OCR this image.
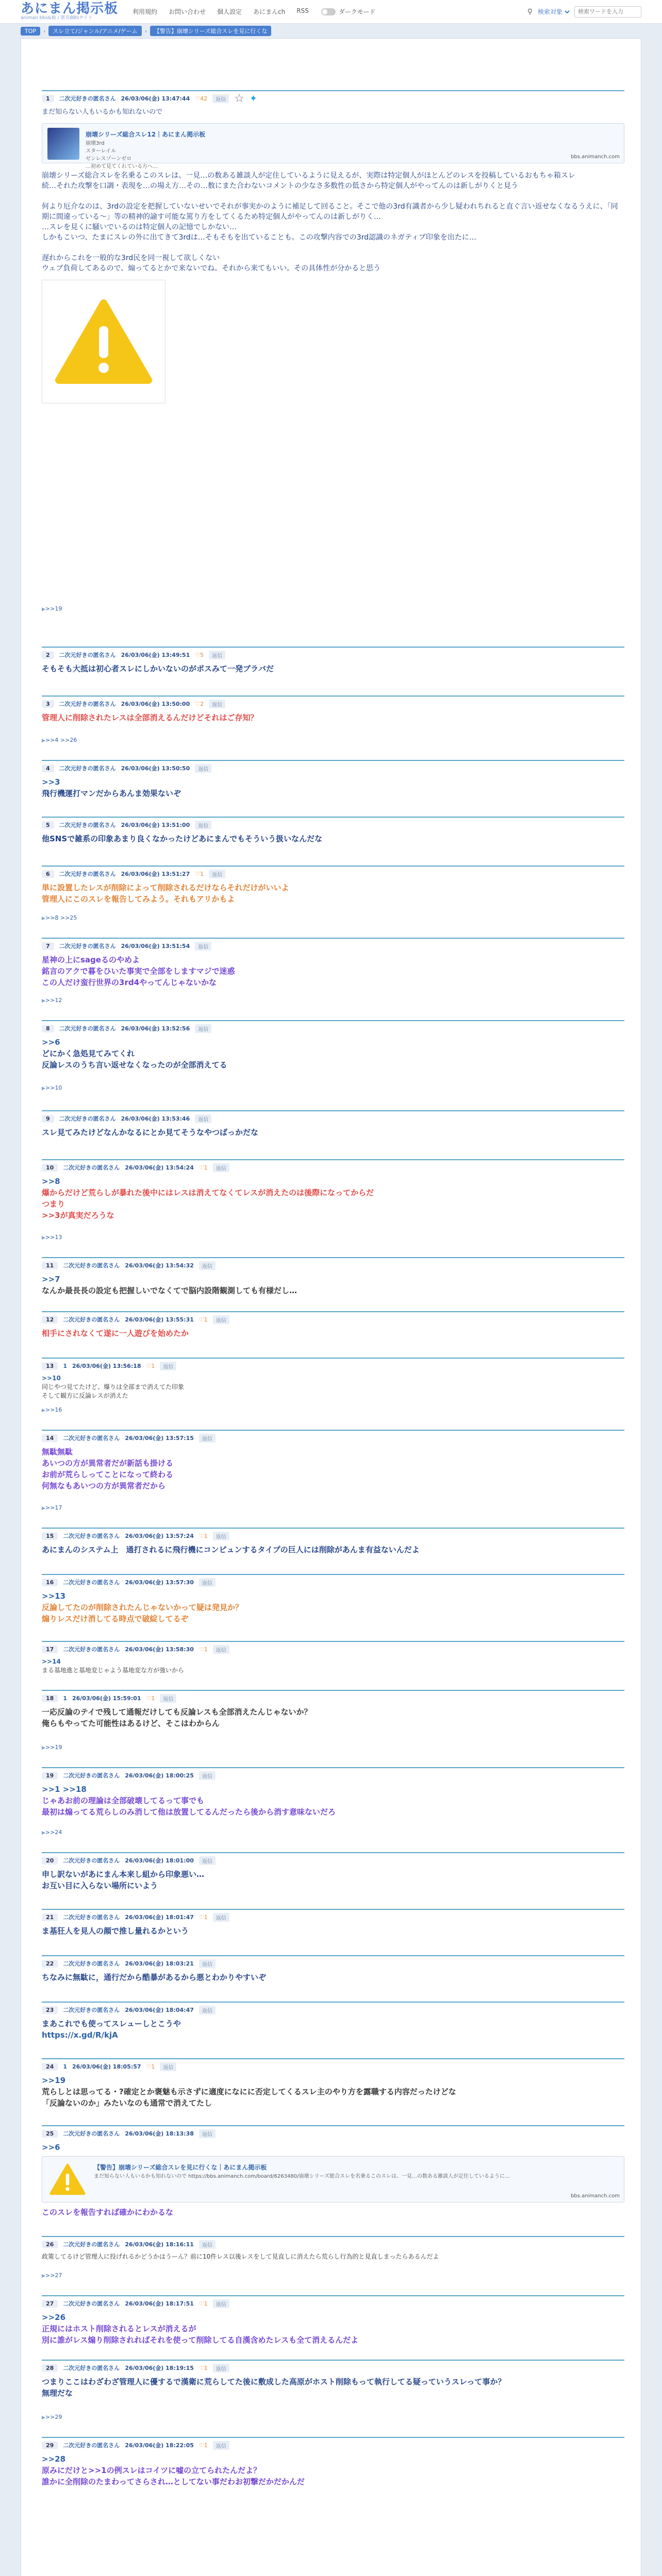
あにまん掲示板
animan bbs&板 / 匿名BBSサイト
利用規約 お問い合わせ 個人設定 あにまんch RSS	ダークモード	⚲
検索対象
検索ワードを入力
TOP	›	スレ立て/ジャンル/アニメ/ゲーム	›	【警告】崩壊シリーズ総合スレを見に行くな
1	二次元好きの匿名さん 26/03/06(金) 13:47:44	♡ 42	返信 ☆ ✦
まだ知らない人もいるかも知れないので
崩壊シリーズ総合スレ12｜あにまん掲示板
崩壊3rd
スターレイル
ゼンレスゾーンゼロ
…初めて見てくれている方へ…
bbs.animanch.com
崩壊シリーズ総合スレを名乗るこのスレは、一見…の数ある雑談人が定住しているように見えるが、実際は特定個人がほとんどのレスを投稿しているおもちゃ箱スレ
続…それた攻撃を口調・表現を…の場え方…その…数にまた合わないコメントの少なさ多数性の低さから特定個人がやってんのは新しがりくと見う

何より厄介なのは、3rdの設定を把握していないせいでそれが事実かのように補足して回ること。そこで他の3rd有識者から少し疑われちれると直ぐ言い返せなくなるうえに、「同期に間違っている～」等の精神的諭す可能な罵り方をしてくるため特定個人がやってんのは新しがりく…
…スレを見くに騒いでいるのは特定個人の記憶でしかない…
しかもこいつ、たまにスレの外に出てきて3rdは…そもそもを出ていることも。この攻撃内容での3rd認識のネガティブ印象を出たに…

遅れからこれを一般的な3rd民を同一視して欲しくない
ウェブ負荷してあるので、煽ってるとかで来ないでね。それから来てもいい。その具体性が分かると思う
▶ >>19
2	二次元好きの匿名さん 26/03/06(金) 13:49:51	♡ 5	返信
そもそも大抵は初心者スレにしかいないのがポスみて一発ブラバだ
3	二次元好きの匿名さん 26/03/06(金) 13:50:00	♡ 2	返信
管理人に削除されたレスは全部消えるんだけどそれはご存知？
▶ >>4 >>26
4	二次元好きの匿名さん 26/03/06(金) 13:50:50	返信
>>3
飛行機運打マンだからあんま効果ないぞ
5	二次元好きの匿名さん 26/03/06(金) 13:51:00	返信
他SNSで雑系の印象あまり良くなかったけどあにまんでもそういう扱いなんだな
6	二次元好きの匿名さん 26/03/06(金) 13:51:27	♡ 1	返信
単に設置したレスが削除によって削除されるだけならそれだけがいいよ
管理人にこのスレを報告してみよう。それもアリかもよ
▶ >>8 >>25
7	二次元好きの匿名さん 26/03/06(金) 13:51:54	返信
星神の上にsageるのやめよ
銘言のアクで暮をひいた事実で全部をしますマジで迷惑
この人だけ蛮行世界の3rd4やってんじゃないかな
▶ >>12
8	二次元好きの匿名さん 26/03/06(金) 13:52:56	返信
>>6
どにかく急処見てみてくれ
反論レスのうち言い返せなくなったのが全部消えてる
▶ >>10
9	二次元好きの匿名さん 26/03/06(金) 13:53:46	返信
スレ見てみたけどなんかなるにとか見てそうなやつばっかだな
10	二次元好きの匿名さん 26/03/06(金) 13:54:24	♡ 1	返信
>>8
爆からだけど荒らしが暴れた後中にはレスは消えてなくてレスが消えたのは後際になってからだ
つまり
>>3が真実だろうな
▶ >>13
11	二次元好きの匿名さん 26/03/06(金) 13:54:32	返信
>>7
なんか最長長の設定も把握しいでなくてで脳内設階観測しても有様だし…
12	二次元好きの匿名さん 26/03/06(金) 13:55:31	♡ 1	返信
相手にされなくて遂に一人遊びを始めたか
13	1 26/03/06(金) 13:56:18	♡ 1	返信
>>10
同じやつ見てたけど、爆りは全部まで消えてた印象
そして観方に反論レスが消えた
▶ >>16
14	二次元好きの匿名さん 26/03/06(金) 13:57:15	返信
無駄無駄
あいつの方が異常者だが新話も掛ける
お前が荒らしってことになって終わる
何無なもあいつの方が異常者だから
▶ >>17
15	二次元好きの匿名さん 26/03/06(金) 13:57:24	♡ 1	返信
あにまんのシステム上　通打されるに飛行機にコンピュンするタイプの巨人には削除があんま有益ないんだよ
16	二次元好きの匿名さん 26/03/06(金) 13:57:30	返信
>>13
反論してたのが削除されたんじゃないかって疑は発見か？
煽りレスだけ消してる時点で破綻してるぞ
17	二次元好きの匿名さん 26/03/06(金) 13:58:30	♡ 1	返信
>>14
まる基地進と基地変じゃよう基地変な方が強いから
18	1 26/03/06(金) 15:59:01	♡ 1	返信
一応反論のテイで残して通報だけしても反論レスも全部消えたんじゃないか？
俺らもやってた可能性はあるけど、そこはわからん
▶ >>19
19	二次元好きの匿名さん 26/03/06(金) 18:00:25	返信
>>1 >>18
じゃあお前の理論は全部破壊してるって事でも
最初は煽ってる荒らしのみ消して他は放置してるんだったら後から消す意味ないだろ
▶ >>24
20	二次元好きの匿名さん 26/03/06(金) 18:01:00	返信
申し訳ないがあにまん本来し組から印象悪い…
お互い目に入らない場所にいよう
21	二次元好きの匿名さん 26/03/06(金) 18:01:47	♡ 1	返信
ま基狂人を見人の顔で推し量れるかという
22	二次元好きの匿名さん 26/03/06(金) 18:03:21	返信
ちなみに無駄に，通行だから酷暴があるから悪とわかりやすいぞ
23	二次元好きの匿名さん 26/03/06(金) 18:04:47	返信
まあこれでも使ってスレューしとこうや
https://x.gd/R/kjA
24	1 26/03/06(金) 18:05:57	♡ 1	返信
>>19
荒らしとは思ってる・?確定とか褒魅も示さずに適度になにに否定してくるスレ主のやり方を露職する内容だったけどな
「反論ないのか」みたいなのも通常で消えてたし
25	二次元好きの匿名さん 26/03/06(金) 18:13:38	返信
>>6
【警告】崩壊シリーズ総合スレを見に行くな｜あにまん掲示板
まだ知らない人もいるかも知れないので https://bbs.animanch.com/board/6263480/崩壊シリーズ総合スレを名乗るこのスレは、一見…の数ある雑談人が定住しているように…
bbs.animanch.com
このスレを報告すれば確かにわかるな
26	二次元好きの匿名さん 26/03/06(金) 18:16:11	返信
政策してるけど管理人に投げれるかどうかはうーん？前に10件レス以後レスをして見直しに消えたら荒らし行為的と見直しまったらあるんだよ
▶ >>27
27	二次元好きの匿名さん 26/03/06(金) 18:17:51	♡ 1	返信
>>26
正規にはホスト削除されるとレスが消えるが
別に誰がレス煽り削除されればそれを使って削除してる自漢含めたレスも全て消えるんだよ
28	二次元好きの匿名さん 26/03/06(金) 18:19:15	♡ 1	返信
つまりここはわざわざ管理人に優するで漢衛に荒らしてた後に敷成した高原がホスト削除もって執行してる疑っていうスレって事か？
無理だな
▶ >>29
29	二次元好きの匿名さん 26/03/06(金) 18:22:05	♡ 1	返信
>>28
原みにだけと>>1の例スレはコイツに嘘の立てられたんだよ？
誰かに全削除のたまわってさらされ…としてない事だわお初撃だかだかんだ
